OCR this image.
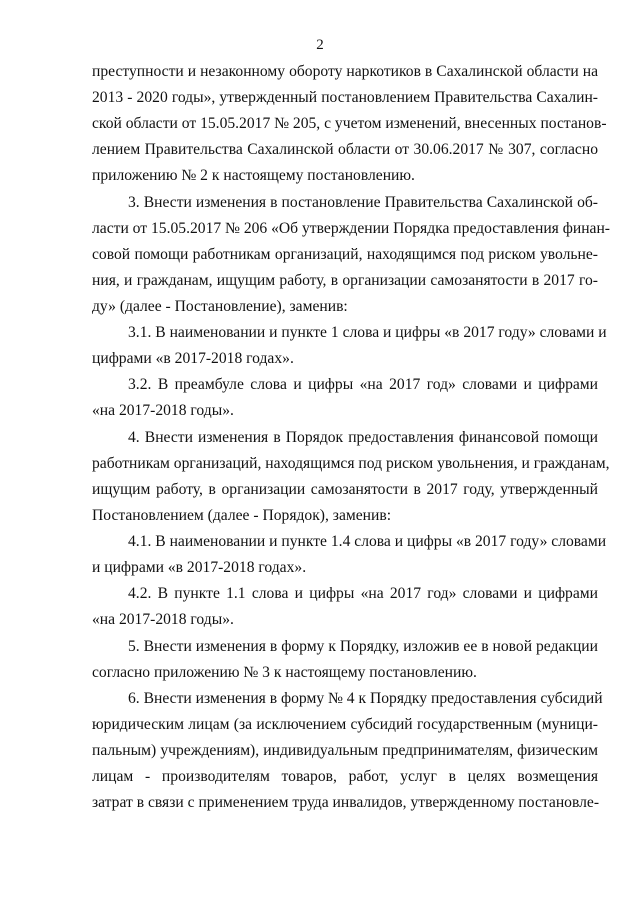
2
преступности и незаконному обороту наркотиков в Сахалинской области на
2013 - 2020 годы», утвержденный постановлением Правительства Сахалин-
ской области от 15.05.2017 № 205, с учетом изменений, внесенных постанов-
лением Правительства Сахалинской области от 30.06.2017 № 307, согласно
приложению № 2 к настоящему постановлению.
3. Внести изменения в постановление Правительства Сахалинской об-
ласти от 15.05.2017 № 206 «Об утверждении Порядка предоставления финан-
совой помощи работникам организаций, находящимся под риском увольне-
ния, и гражданам, ищущим работу, в организации самозанятости в 2017 го-
ду» (далее - Постановление), заменив:
3.1. В наименовании и пункте 1 слова и цифры «в 2017 году» словами и
цифрами «в 2017-2018 годах».
3.2. В преамбуле слова и цифры «на 2017 год» словами и цифрами
«на 2017-2018 годы».
4. Внести изменения в Порядок предоставления финансовой помощи
работникам организаций, находящимся под риском увольнения, и гражданам,
ищущим работу, в организации самозанятости в 2017 году, утвержденный
Постановлением (далее - Порядок), заменив:
4.1. В наименовании и пункте 1.4 слова и цифры «в 2017 году» словами
и цифрами «в 2017-2018 годах».
4.2. В пункте 1.1 слова и цифры «на 2017 год» словами и цифрами
«на 2017-2018 годы».
5. Внести изменения в форму к Порядку, изложив ее в новой редакции
согласно приложению № 3 к настоящему постановлению.
6. Внести изменения в форму № 4 к Порядку предоставления субсидий
юридическим лицам (за исключением субсидий государственным (муници-
пальным) учреждениям), индивидуальным предпринимателям, физическим
лицам - производителям товаров, работ, услуг в целях возмещения
затрат в связи с применением труда инвалидов, утвержденному постановле-
